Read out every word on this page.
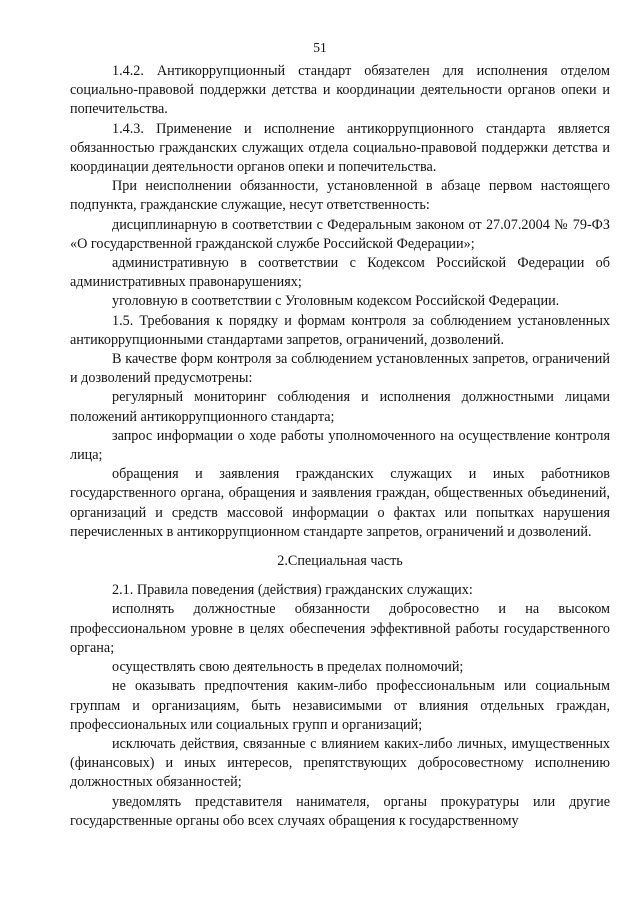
51

1.4.2. Антикоррупционный стандарт обязателен для исполнения отделом социально-правовой поддержки детства и координации деятельности органов опеки и попечительства.

1.4.3. Применение и исполнение антикоррупционного стандарта является обязанностью гражданских служащих отдела социально-правовой поддержки детства и координации деятельности органов опеки и попечительства.

При неисполнении обязанности, установленной в абзаце первом настоящего подпункта, гражданские служащие, несут ответственность:

дисциплинарную в соответствии с Федеральным законом от 27.07.2004 № 79-ФЗ «О государственной гражданской службе Российской Федерации»;

административную в соответствии с Кодексом Российской Федерации об административных правонарушениях;

уголовную в соответствии с Уголовным кодексом Российской Федерации.

1.5. Требования к порядку и формам контроля за соблюдением установленных антикоррупционными стандартами запретов, ограничений, дозволений.

В качестве форм контроля за соблюдением установленных запретов, ограничений и дозволений предусмотрены:

регулярный мониторинг соблюдения и исполнения должностными лицами положений антикоррупционного стандарта;

запрос информации о ходе работы уполномоченного на осуществление контроля лица;

обращения и заявления гражданских служащих и иных работников государственного органа, обращения и заявления граждан, общественных объединений, организаций и средств массовой информации о фактах или попытках нарушения перечисленных в антикоррупционном стандарте запретов, ограничений и дозволений.

2.Специальная часть

2.1. Правила поведения (действия) гражданских служащих:

исполнять должностные обязанности добросовестно и на высоком профессиональном уровне в целях обеспечения эффективной работы государственного органа;

осуществлять свою деятельность в пределах полномочий;

не оказывать предпочтения каким-либо профессиональным или социальным группам и организациям, быть независимыми от влияния отдельных граждан, профессиональных или социальных групп и организаций;

исключать действия, связанные с влиянием каких-либо личных, имущественных (финансовых) и иных интересов, препятствующих добросовестному исполнению должностных обязанностей;

уведомлять представителя нанимателя, органы прокуратуры или другие государственные органы обо всех случаях обращения к государственному
